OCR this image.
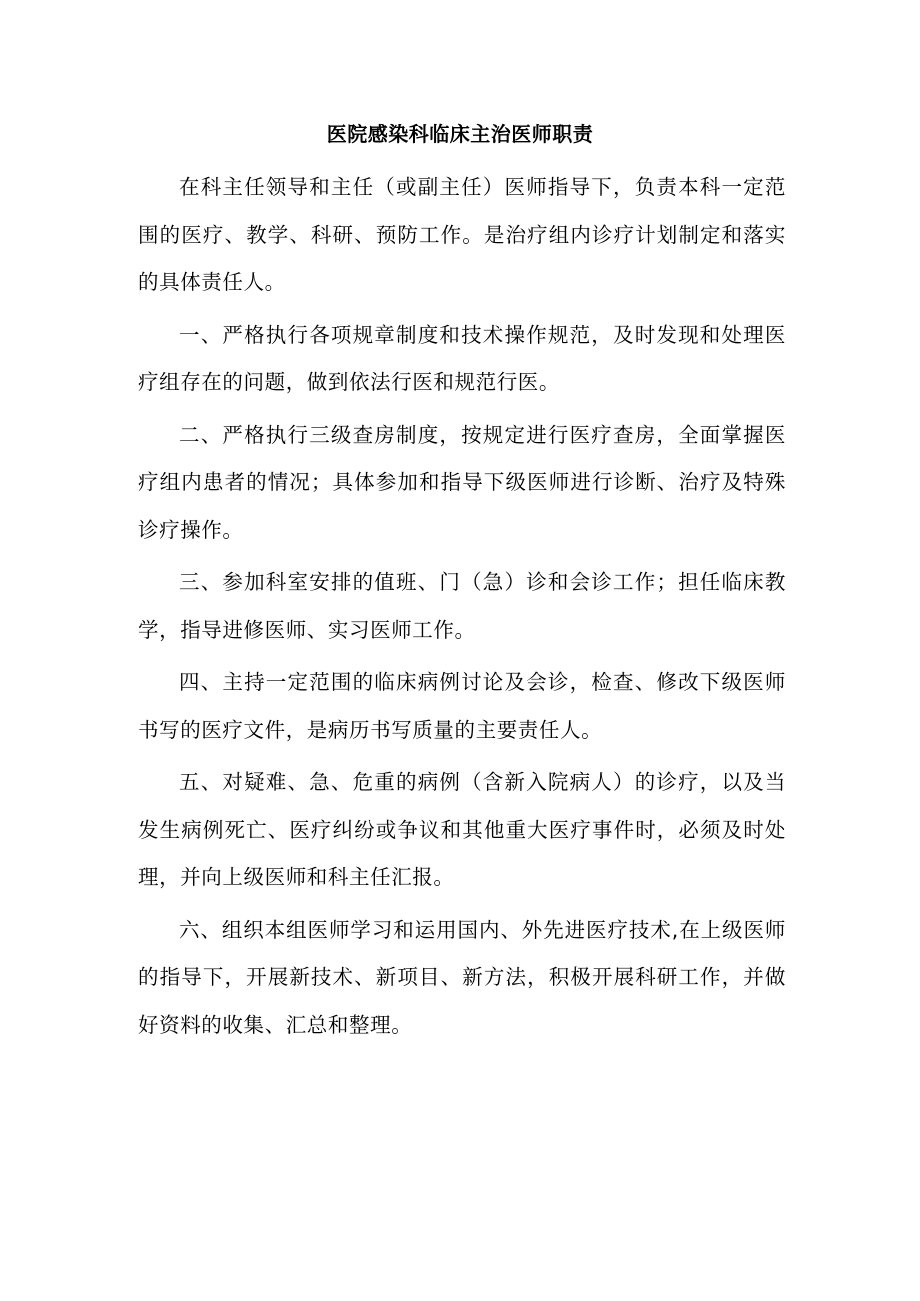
医院感染科临床主治医师职责

在科主任领导和主任（或副主任）医师指导下，负责本科一定范围的医疗、教学、科研、预防工作。是治疗组内诊疗计划制定和落实的具体责任人。

一、严格执行各项规章制度和技术操作规范，及时发现和处理医疗组存在的问题，做到依法行医和规范行医。

二、严格执行三级查房制度，按规定进行医疗查房，全面掌握医疗组内患者的情况；具体参加和指导下级医师进行诊断、治疗及特殊诊疗操作。

三、参加科室安排的值班、门（急）诊和会诊工作；担任临床教学，指导进修医师、实习医师工作。

四、主持一定范围的临床病例讨论及会诊，检查、修改下级医师书写的医疗文件，是病历书写质量的主要责任人。

五、对疑难、急、危重的病例（含新入院病人）的诊疗，以及当发生病例死亡、医疗纠纷或争议和其他重大医疗事件时，必须及时处理，并向上级医师和科主任汇报。

六、组织本组医师学习和运用国内、外先进医疗技术,在上级医师的指导下，开展新技术、新项目、新方法，积极开展科研工作，并做好资料的收集、汇总和整理。
